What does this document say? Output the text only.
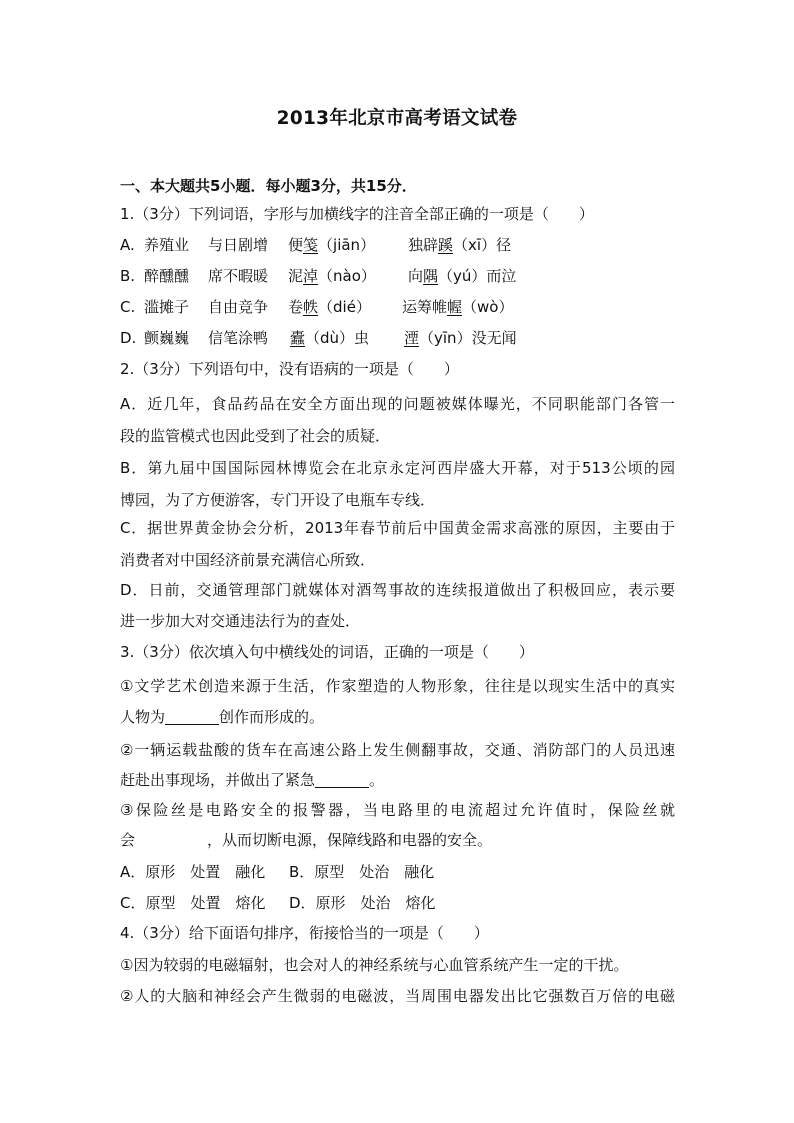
2013年北京市高考语文试卷
一、本大题共5小题．每小题3分，共15分．
1.（3分）下列词语，字形与加横线字的注音全部正确的一项是（　　）
A. 养殖业 与日剧增 便笺（jiān） 独辟蹊（xī）径
B. 醉醺醺 席不暇暖 泥淖（nào） 向隅（yú）而泣
C. 滥摊子 自由竞争 卷帙（dié） 运筹帷幄（wò）
D. 颤巍巍 信笔涂鸭 蠹（dù）虫 湮（yīn）没无闻
2.（3分）下列语句中，没有语病的一项是（　　）
A．近几年，食品药品在安全方面出现的问题被媒体曝光，不同职能部门各管一
段的监管模式也因此受到了社会的质疑．
B．第九届中国国际园林博览会在北京永定河西岸盛大开幕，对于513公顷的园
博园，为了方便游客，专门开设了电瓶车专线．
C．据世界黄金协会分析，2013年春节前后中国黄金需求高涨的原因，主要由于
消费者对中国经济前景充满信心所致．
D．日前，交通管理部门就媒体对酒驾事故的连续报道做出了积极回应，表示要
进一步加大对交通违法行为的查处．
3.（3分）依次填入句中横线处的词语，正确的一项是（　　）
①文学艺术创造来源于生活，作家塑造的人物形象，往往是以现实生活中的真实
人物为	创作而形成的。
②一辆运载盐酸的货车在高速公路上发生侧翻事故，交通、消防部门的人员迅速
赶赴出事现场，并做出了紧急	。
③保险丝是电路安全的报警器，当电路里的电流超过允许值时，保险丝就
会	，从而切断电源，保障线路和电器的安全。
A．原形　处置　融化 B．原型　处治　融化
C．原型　处置　熔化 D．原形　处治　熔化
4.（3分）给下面语句排序，衔接恰当的一项是（　　）
①因为较弱的电磁辐射，也会对人的神经系统与心血管系统产生一定的干扰。
②人的大脑和神经会产生微弱的电磁波，当周围电器发出比它强数百万倍的电磁
